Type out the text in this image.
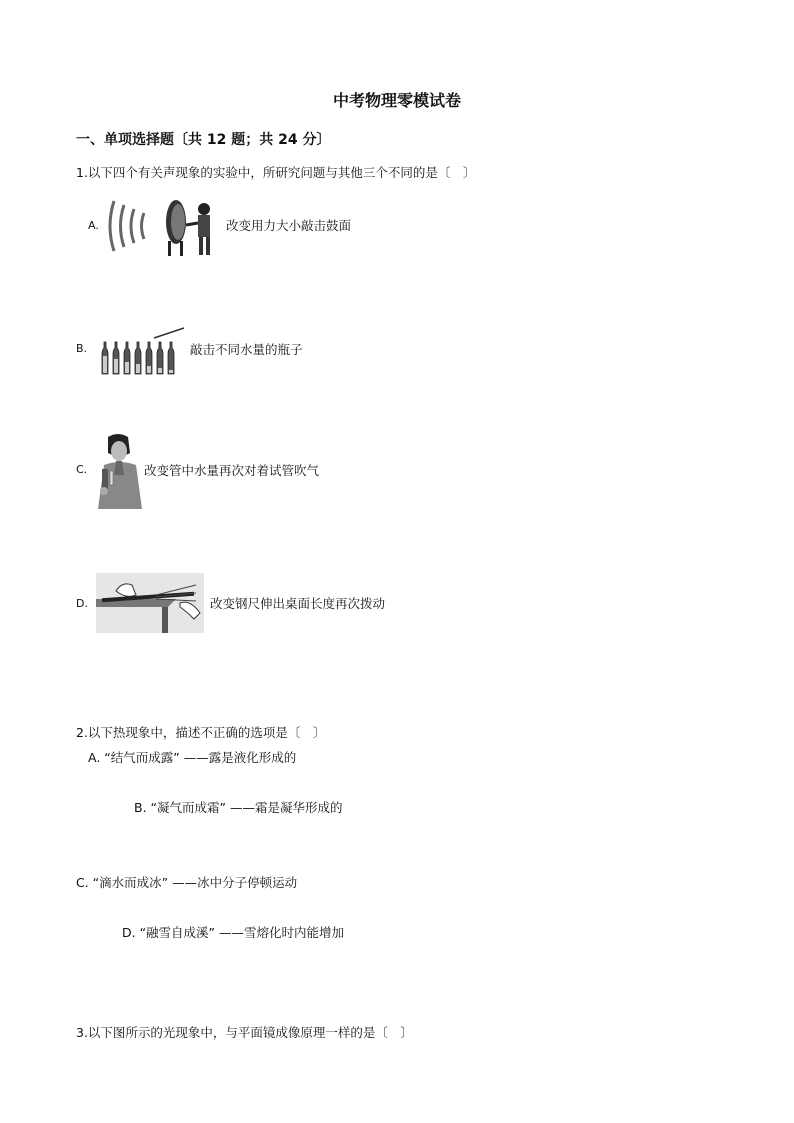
中考物理零模试卷
一、单项选择题〔共 12 题；共 24 分〕
1.以下四个有关声现象的实验中，所研究问题与其他三个不同的是〔　〕
A.	改变用力大小敲击鼓面
B.	敲击不同水量的瓶子
C.	改变管中水量再次对着试管吹气
D.	改变钢尺伸出桌面长度再次拨动
2.以下热现象中，描述不正确的选项是〔　〕
A. “结气而成露” ——露是液化形成的
B. “凝气而成霜” ——霜是凝华形成的
C. “滴水而成冰” ——冰中分子停顿运动
D. “融雪自成溪” ——雪熔化时内能增加
3.以下图所示的光现象中，与平面镜成像原理一样的是〔　〕
